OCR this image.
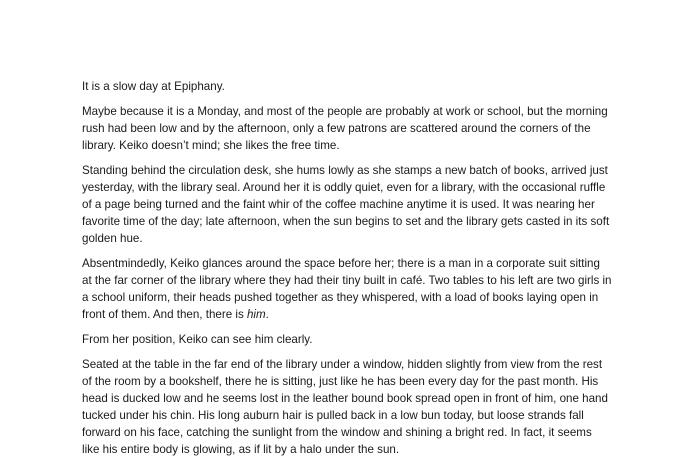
It is a slow day at Epiphany.

Maybe because it is a Monday, and most of the people are probably at work or school, but the morning rush had been low and by the afternoon, only a few patrons are scattered around the corners of the library. Keiko doesn’t mind; she likes the free time.

Standing behind the circulation desk, she hums lowly as she stamps a new batch of books, arrived just yesterday, with the library seal. Around her it is oddly quiet, even for a library, with the occasional ruffle of a page being turned and the faint whir of the coffee machine anytime it is used. It was nearing her favorite time of the day; late afternoon, when the sun begins to set and the library gets casted in its soft golden hue.

Absentmindedly, Keiko glances around the space before her; there is a man in a corporate suit sitting at the far corner of the library where they had their tiny built in café. Two tables to his left are two girls in a school uniform, their heads pushed together as they whispered, with a load of books laying open in front of them. And then, there is him.

From her position, Keiko can see him clearly.

Seated at the table in the far end of the library under a window, hidden slightly from view from the rest of the room by a bookshelf, there he is sitting, just like he has been every day for the past month. His head is ducked low and he seems lost in the leather bound book spread open in front of him, one hand tucked under his chin. His long auburn hair is pulled back in a low bun today, but loose strands fall forward on his face, catching the sunlight from the window and shining a bright red. In fact, it seems like his entire body is glowing, as if lit by a halo under the sun.
